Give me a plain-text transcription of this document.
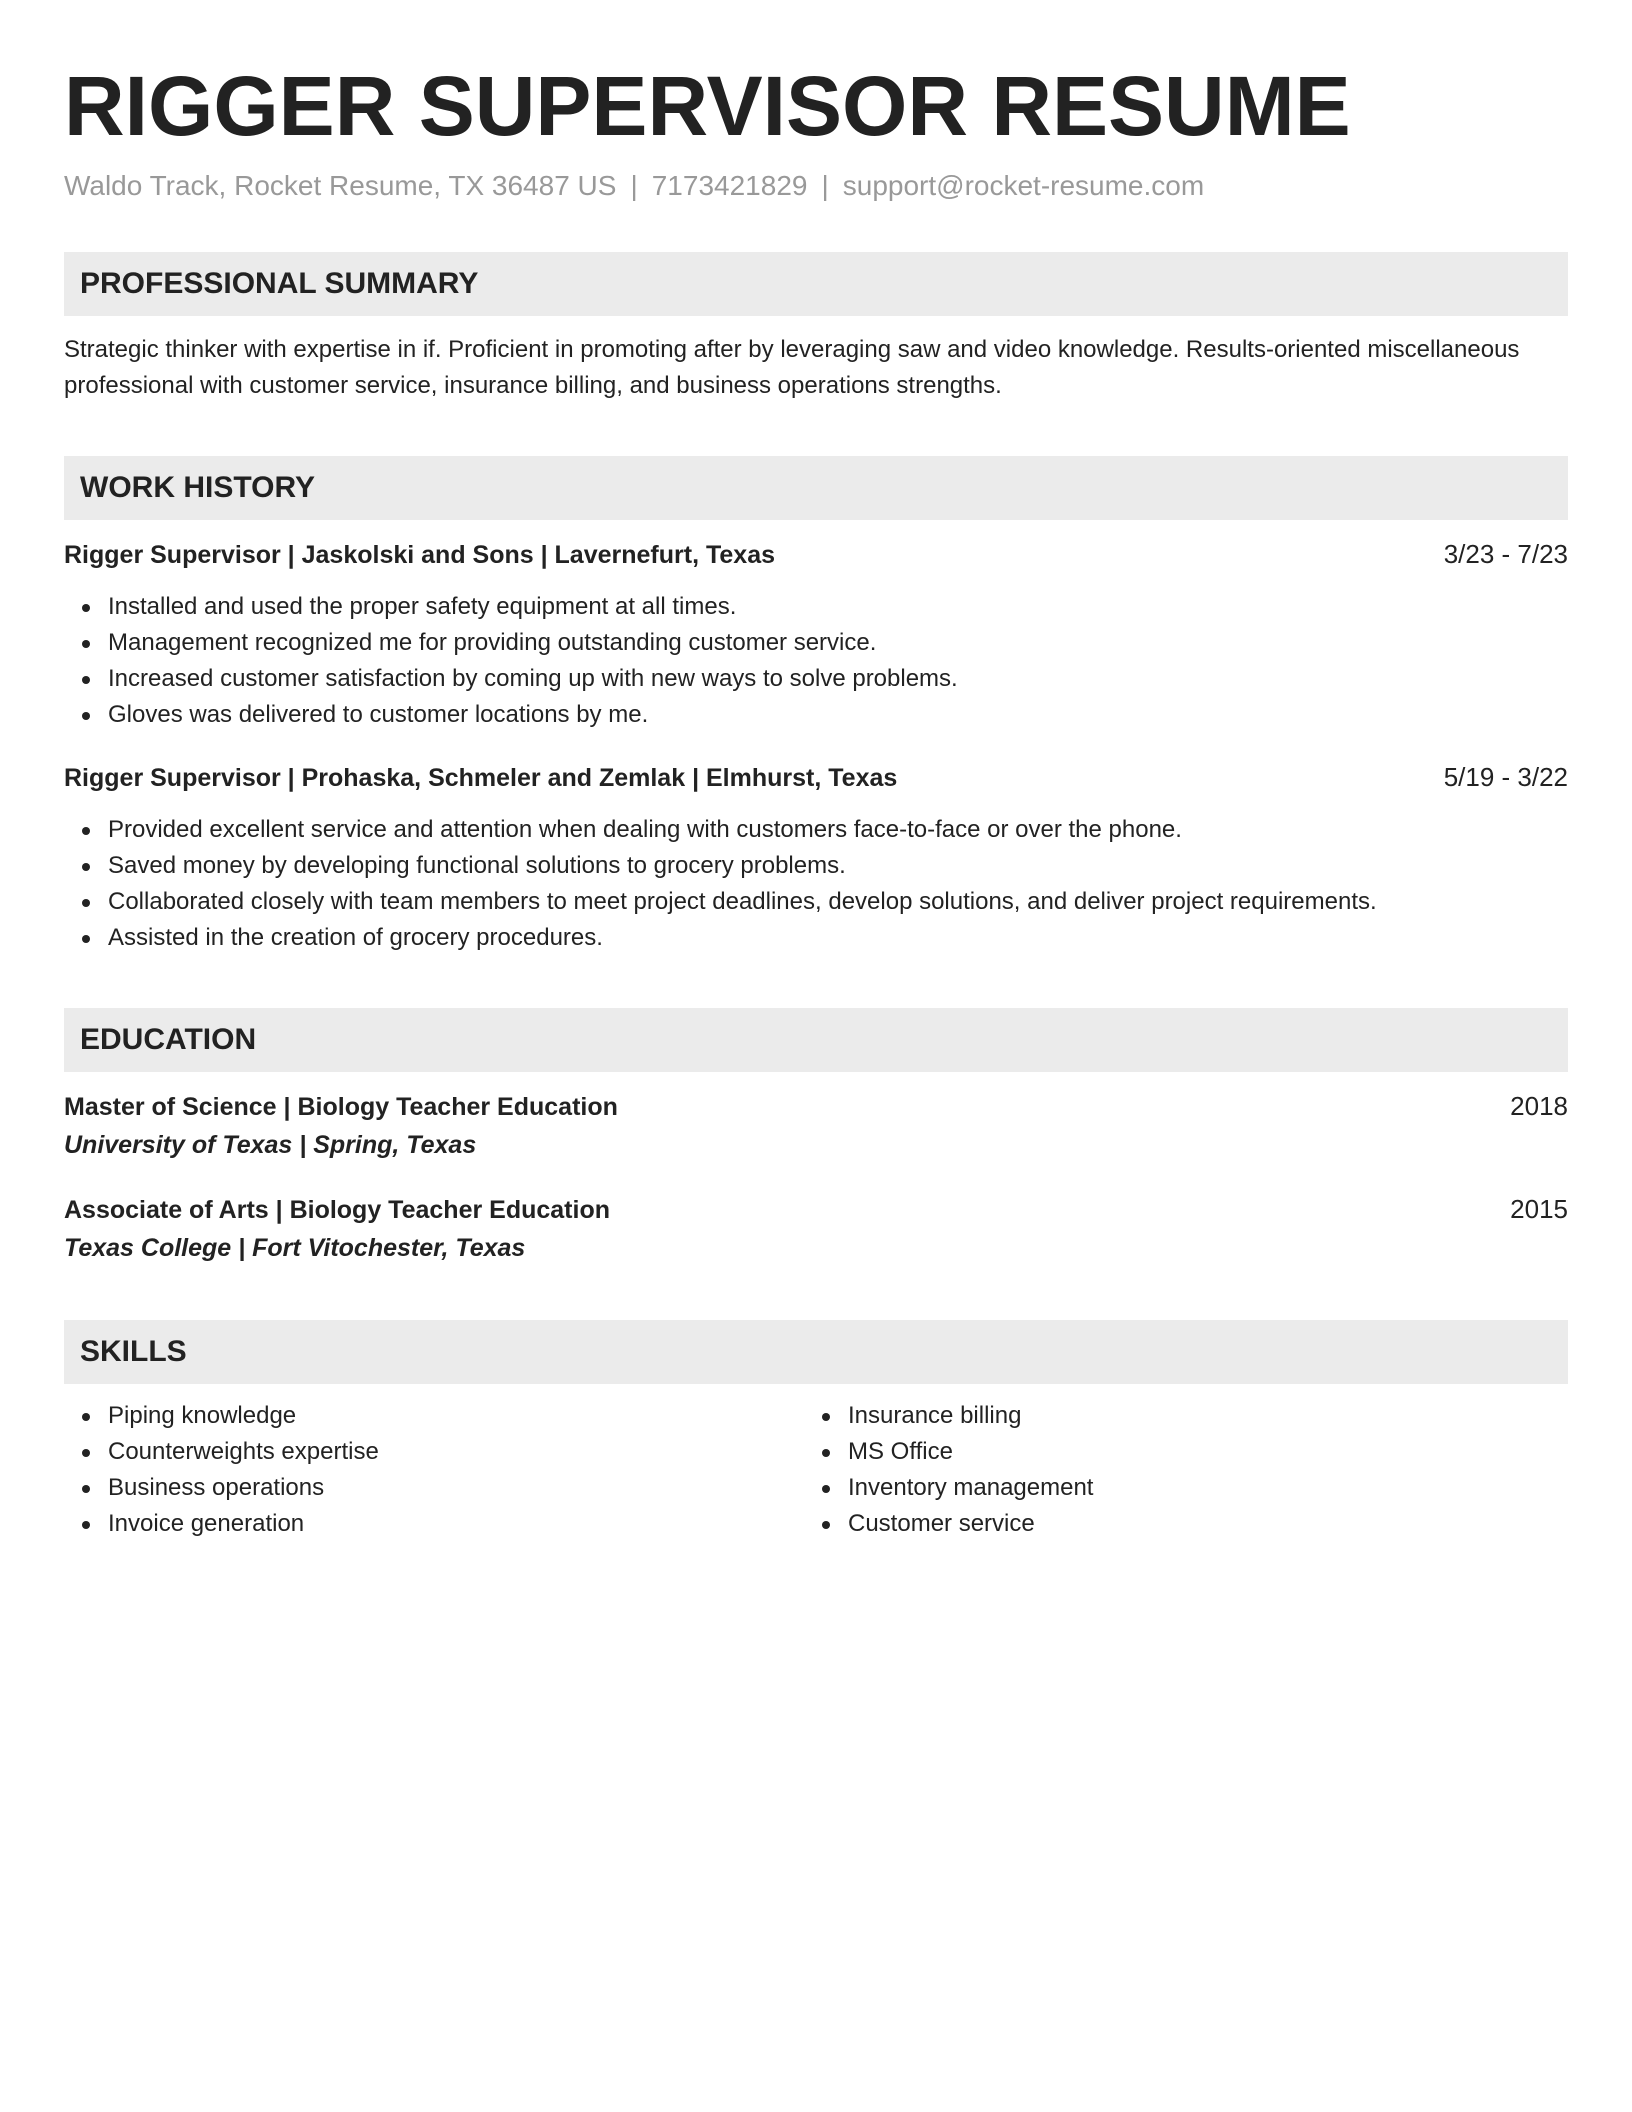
RIGGER SUPERVISOR RESUME
Waldo Track, Rocket Resume, TX 36487 US | 7173421829 | support@rocket-resume.com
PROFESSIONAL SUMMARY
Strategic thinker with expertise in if. Proficient in promoting after by leveraging saw and video knowledge. Results-oriented miscellaneous professional with customer service, insurance billing, and business operations strengths.
WORK HISTORY
Rigger Supervisor | Jaskolski and Sons | Lavernefurt, Texas	3/23 - 7/23
Installed and used the proper safety equipment at all times.
Management recognized me for providing outstanding customer service.
Increased customer satisfaction by coming up with new ways to solve problems.
Gloves was delivered to customer locations by me.
Rigger Supervisor | Prohaska, Schmeler and Zemlak | Elmhurst, Texas	5/19 - 3/22
Provided excellent service and attention when dealing with customers face-to-face or over the phone.
Saved money by developing functional solutions to grocery problems.
Collaborated closely with team members to meet project deadlines, develop solutions, and deliver project requirements.
Assisted in the creation of grocery procedures.
EDUCATION
Master of Science | Biology Teacher Education	2018
University of Texas | Spring, Texas
Associate of Arts | Biology Teacher Education	2015
Texas College | Fort Vitochester, Texas
SKILLS
Piping knowledge
Counterweights expertise
Business operations
Invoice generation
Insurance billing
MS Office
Inventory management
Customer service
